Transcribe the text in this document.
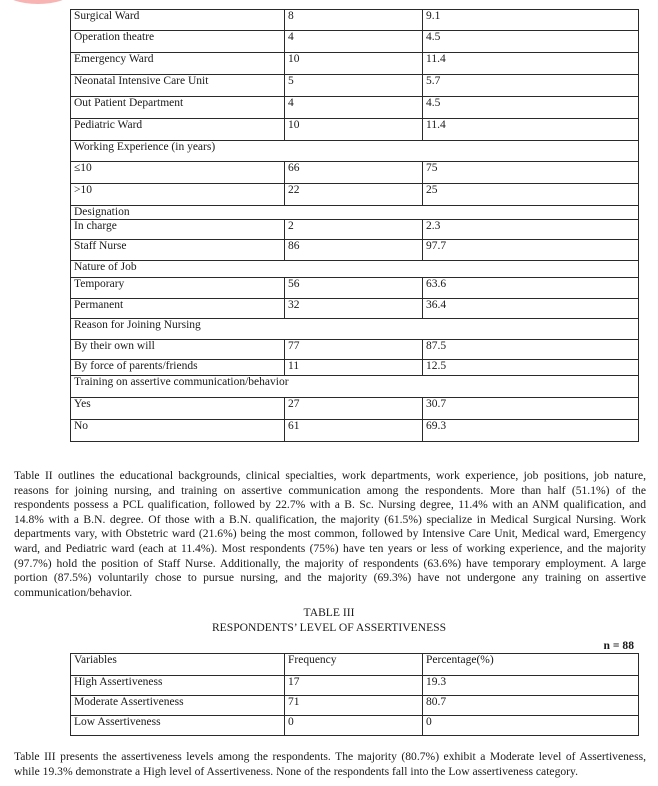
Surgical Ward	8	9.1
Operation theatre	4	4.5
Emergency Ward	10	11.4
Neonatal Intensive Care Unit	5	5.7
Out Patient Department	4	4.5
Pediatric Ward	10	11.4
Working Experience (in years)		
≤10	66	75
>10	22	25
Designation		
In charge	2	2.3
Staff Nurse	86	97.7
Nature of Job		
Temporary	56	63.6
Permanent	32	36.4
Reason for Joining Nursing		
By their own will	77	87.5
By force of parents/friends	11	12.5
Training on assertive communication/behavior		
Yes	27	30.7
No	61	69.3

Table II outlines the educational backgrounds, clinical specialties, work departments, work experience, job positions, job nature, reasons for joining nursing, and training on assertive communication among the respondents. More than half (51.1%) of the respondents possess a PCL qualification, followed by 22.7% with a B. Sc. Nursing degree, 11.4% with an ANM qualification, and 14.8% with a B.N. degree. Of those with a B.N. qualification, the majority (61.5%) specialize in Medical Surgical Nursing. Work departments vary, with Obstetric ward (21.6%) being the most common, followed by Intensive Care Unit, Medical ward, Emergency ward, and Pediatric ward (each at 11.4%). Most respondents (75%) have ten years or less of working experience, and the majority (97.7%) hold the position of Staff Nurse. Additionally, the majority of respondents (63.6%) have temporary employment. A large portion (87.5%) voluntarily chose to pursue nursing, and the majority (69.3%) have not undergone any training on assertive communication/behavior.

TABLE III
RESPONDENTS’ LEVEL OF ASSERTIVENESS
n = 88
Variables	Frequency	Percentage(%)
High Assertiveness	17	19.3
Moderate Assertiveness	71	80.7
Low Assertiveness	0	0

Table III presents the assertiveness levels among the respondents. The majority (80.7%) exhibit a Moderate level of Assertiveness, while 19.3% demonstrate a High level of Assertiveness. None of the respondents fall into the Low assertiveness category.
